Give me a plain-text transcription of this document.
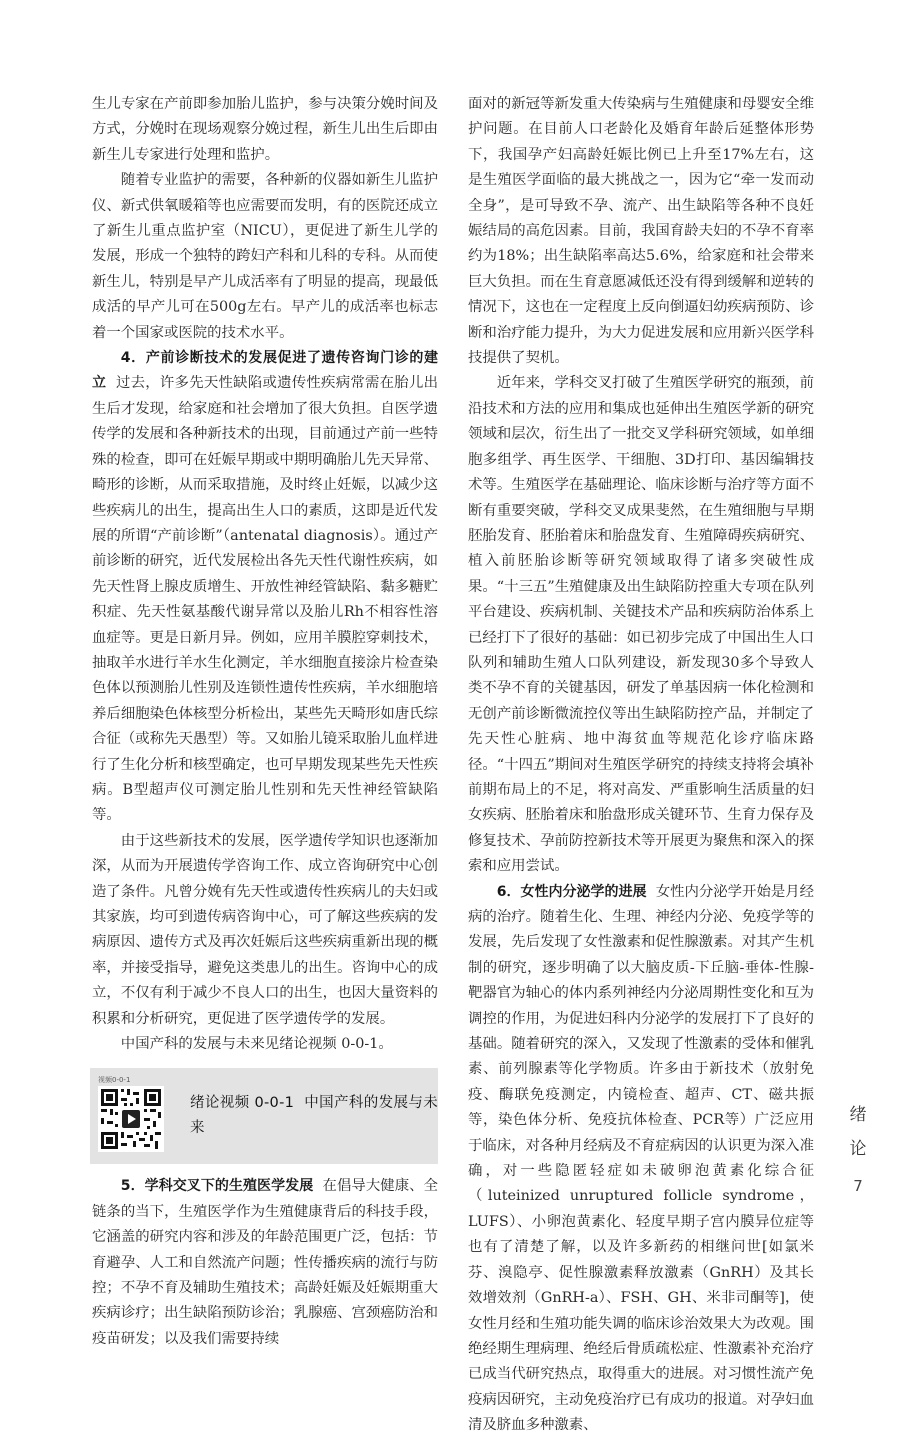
生儿专家在产前即参加胎儿监护，参与决策分娩时间及方式，分娩时在现场观察分娩过程，新生儿出生后即由新生儿专家进行处理和监护。

随着专业监护的需要，各种新的仪器如新生儿监护仪、新式供氧暖箱等也应需要而发明，有的医院还成立了新生儿重点监护室（NICU），更促进了新生儿学的发展，形成一个独特的跨妇产科和儿科的专科。从而使新生儿，特别是早产儿成活率有了明显的提高，现最低成活的早产儿可在500g左右。早产儿的成活率也标志着一个国家或医院的技术水平。

4．产前诊断技术的发展促进了遗传咨询门诊的建立 过去，许多先天性缺陷或遗传性疾病常需在胎儿出生后才发现，给家庭和社会增加了很大负担。自医学遗传学的发展和各种新技术的出现，目前通过产前一些特殊的检查，即可在妊娠早期或中期明确胎儿先天异常、畸形的诊断，从而采取措施，及时终止妊娠，以减少这些疾病儿的出生，提高出生人口的素质，这即是近代发展的所谓“产前诊断”（antenatal diagnosis）。通过产前诊断的研究，近代发展检出各先天性代谢性疾病，如先天性肾上腺皮质增生、开放性神经管缺陷、黏多糖贮积症、先天性氨基酸代谢异常以及胎儿Rh不相容性溶血症等。更是日新月异。例如，应用羊膜腔穿刺技术，抽取羊水进行羊水生化测定，羊水细胞直接涂片检查染色体以预测胎儿性别及连锁性遗传性疾病，羊水细胞培养后细胞染色体核型分析检出，某些先天畸形如唐氏综合征（或称先天愚型）等。又如胎儿镜采取胎儿血样进行了生化分析和核型确定，也可早期发现某些先天性疾病。B型超声仪可测定胎儿性别和先天性神经管缺陷等。

由于这些新技术的发展，医学遗传学知识也逐渐加深，从而为开展遗传学咨询工作、成立咨询研究中心创造了条件。凡曾分娩有先天性或遗传性疾病儿的夫妇或其家族，均可到遗传病咨询中心，可了解这些疾病的发病原因、遗传方式及再次妊娠后这些疾病重新出现的概率，并接受指导，避免这类患儿的出生。咨询中心的成立，不仅有利于减少不良人口的出生，也因大量资料的积累和分析研究，更促进了医学遗传学的发展。

中国产科的发展与未来见绪论视频 0-0-1。

视频0-0-1
绪论视频 0-0-1 中国产科的发展与未来

5．学科交叉下的生殖医学发展 在倡导大健康、全链条的当下，生殖医学作为生殖健康背后的科技手段，它涵盖的研究内容和涉及的年龄范围更广泛，包括：节育避孕、人工和自然流产问题；性传播疾病的流行与防控；不孕不育及辅助生殖技术；高龄妊娠及妊娠期重大疾病诊疗；出生缺陷预防诊治；乳腺癌、宫颈癌防治和疫苗研发；以及我们需要持续

面对的新冠等新发重大传染病与生殖健康和母婴安全维护问题。在目前人口老龄化及婚育年龄后延整体形势下，我国孕产妇高龄妊娠比例已上升至17%左右，这是生殖医学面临的最大挑战之一，因为它“牵一发而动全身”，是可导致不孕、流产、出生缺陷等各种不良妊娠结局的高危因素。目前，我国育龄夫妇的不孕不育率约为18%；出生缺陷率高达5.6%，给家庭和社会带来巨大负担。而在生育意愿减低还没有得到缓解和逆转的情况下，这也在一定程度上反向倒逼妇幼疾病预防、诊断和治疗能力提升，为大力促进发展和应用新兴医学科技提供了契机。

近年来，学科交叉打破了生殖医学研究的瓶颈，前沿技术和方法的应用和集成也延伸出生殖医学新的研究领域和层次，衍生出了一批交叉学科研究领域，如单细胞多组学、再生医学、干细胞、3D打印、基因编辑技术等。生殖医学在基础理论、临床诊断与治疗等方面不断有重要突破，学科交叉成果斐然，在生殖细胞与早期胚胎发育、胚胎着床和胎盘发育、生殖障碍疾病研究、植入前胚胎诊断等研究领域取得了诸多突破性成果。“十三五”生殖健康及出生缺陷防控重大专项在队列平台建设、疾病机制、关键技术产品和疾病防治体系上已经打下了很好的基础：如已初步完成了中国出生人口队列和辅助生殖人口队列建设，新发现30多个导致人类不孕不育的关键基因，研发了单基因病一体化检测和无创产前诊断微流控仪等出生缺陷防控产品，并制定了先天性心脏病、地中海贫血等规范化诊疗临床路径。“十四五”期间对生殖医学研究的持续支持将会填补前期布局上的不足，将对高发、严重影响生活质量的妇女疾病、胚胎着床和胎盘形成关键环节、生育力保存及修复技术、孕前防控新技术等开展更为聚焦和深入的探索和应用尝试。

6．女性内分泌学的进展 女性内分泌学开始是月经病的治疗。随着生化、生理、神经内分泌、免疫学等的发展，先后发现了女性激素和促性腺激素。对其产生机制的研究，逐步明确了以大脑皮质-下丘脑-垂体-性腺-靶器官为轴心的体内系列神经内分泌周期性变化和互为调控的作用，为促进妇科内分泌学的发展打下了良好的基础。随着研究的深入，又发现了性激素的受体和催乳素、前列腺素等化学物质。许多由于新技术（放射免疫、酶联免疫测定，内镜检查、超声、CT、磁共振等，染色体分析、免疫抗体检查、PCR等）广泛应用于临床，对各种月经病及不育症病因的认识更为深入准确，对一些隐匿轻症如未破卵泡黄素化综合征（luteinized unruptured follicle syndrome，LUFS）、小卵泡黄素化、轻度早期子宫内膜异位症等也有了清楚了解，以及许多新药的相继问世[如氯米芬、溴隐亭、促性腺激素释放激素（GnRH）及其长效增效剂（GnRH-a）、FSH、GH、米非司酮等]，使女性月经和生殖功能失调的临床诊治效果大为改观。围绝经期生理病理、绝经后骨质疏松症、性激素补充治疗已成当代研究热点，取得重大的进展。对习惯性流产免疫病因研究，主动免疫治疗已有成功的报道。对孕妇血清及脐血多种激素、

绪论
7
